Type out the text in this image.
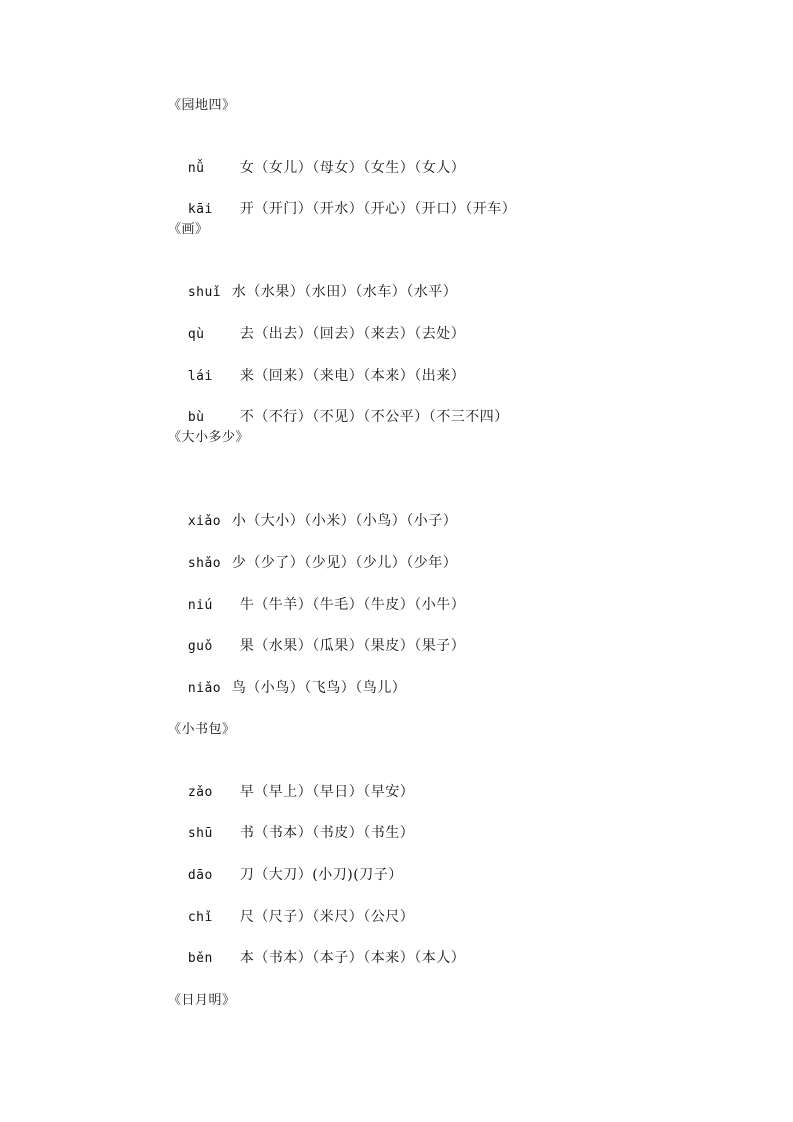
《园地四》

nǚ	女（女儿）（母女）（女生）（女人）

kāi 开（开门）（开水）（开心）（开口）（开车）

《画》

shuǐ 水（水果）（水田）（水车）（水平）

qù	去（出去）（回去）（来去）（去处）

lái 来（回来）（来电）（本来）（出来）

bù	不（不行）（不见）（不公平）（不三不四）

《大小多少》

xiǎo 小（大小）（小米）（小鸟）（小子）

shǎo 少（少了）（少见）（少儿）（少年）

niú 牛（牛羊）（牛毛）（牛皮）（小牛）

guǒ 果（水果）（瓜果）（果皮）（果子）

niǎo 鸟（小鸟）（飞鸟）（鸟儿）

《小书包》

zǎo 早（早上）（早日）（早安）

shū 书（书本）（书皮）（书生）

dāo 刀（大刀）(小刀)(刀子）

chǐ 尺（尺子）（米尺）（公尺）

běn 本（书本）（本子）（本来）（本人）

《日月明》
